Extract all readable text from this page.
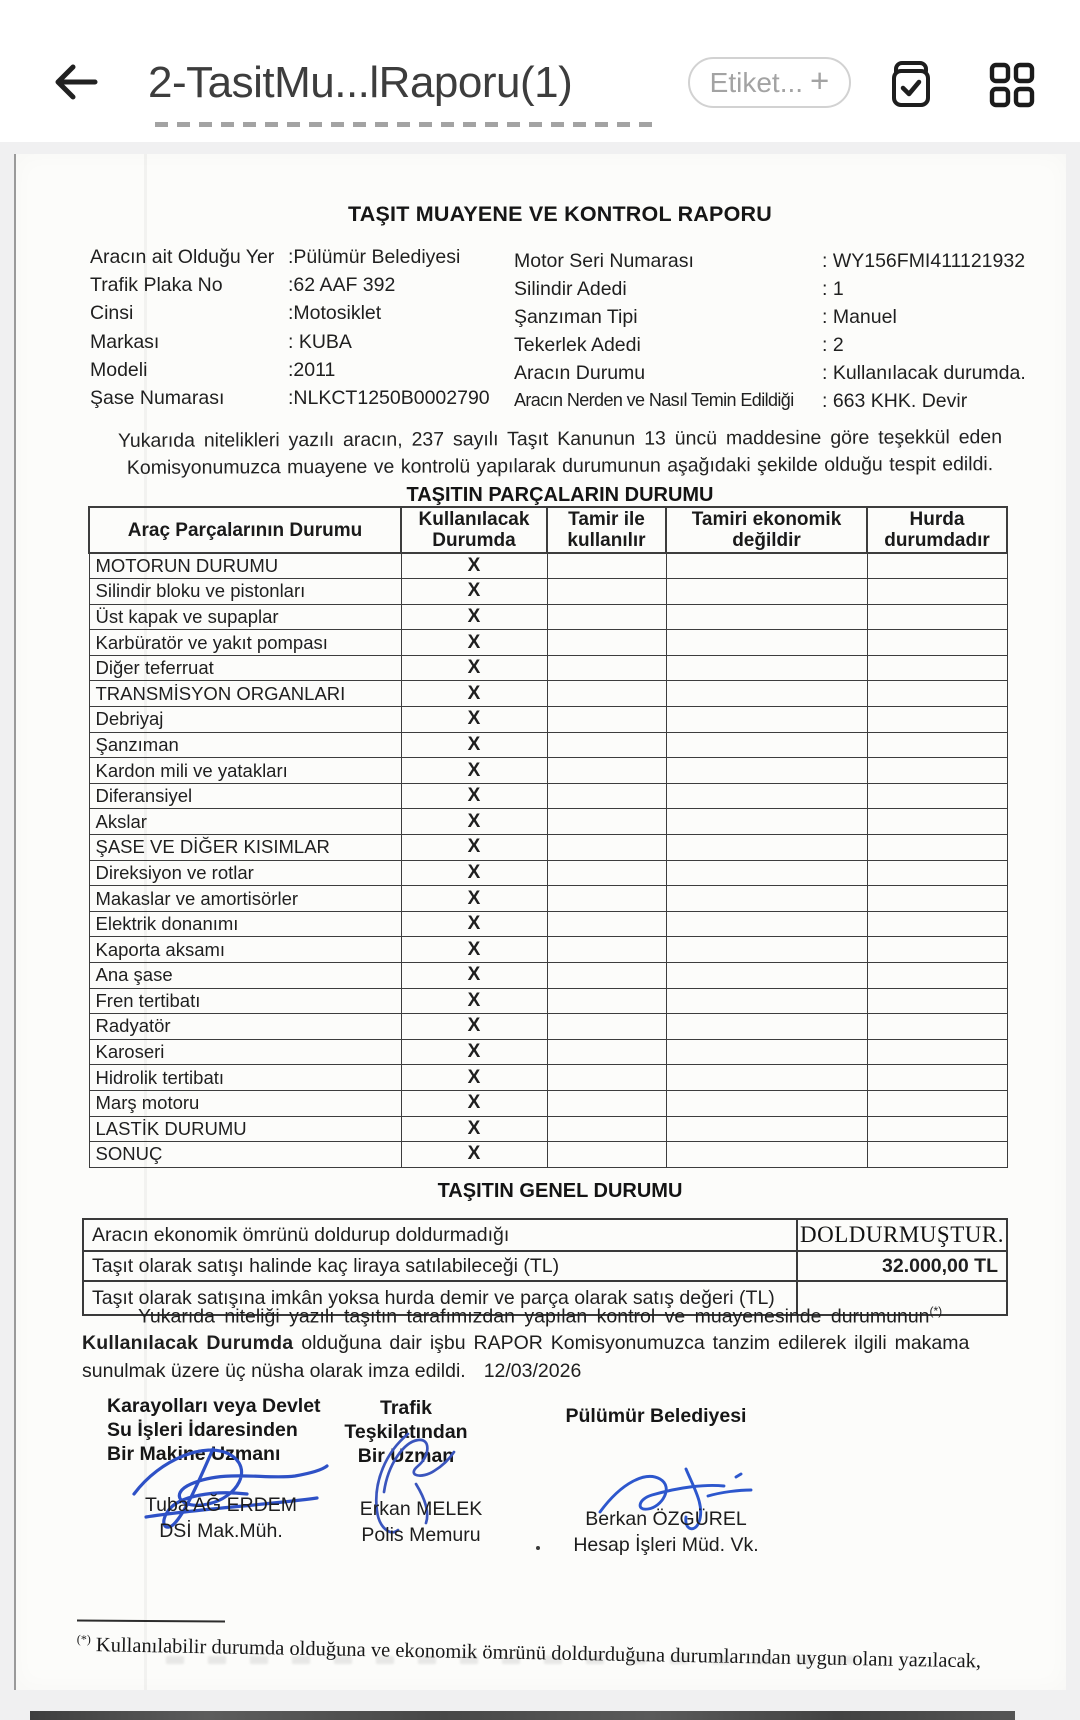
2-TasitMu...lRaporu(1)	Etiket... +
TAŞIT MUAYENE VE KONTROL RAPORU
Aracın ait Olduğu Yer :Pülümür Belediyesi
Trafik Plaka No	:62 AAF 392
Cinsi	:Motosiklet
Markası	: KUBA
Modeli	:2011
Şase Numarası	:NLKCT1250B0002790
Motor Seri Numarası	: WY156FMI411121932
Silindir Adedi	: 1
Şanzıman Tipi	: Manuel
Tekerlek Adedi	: 2
Aracın Durumu	: Kullanılacak durumda.
Aracın Nerden ve Nasıl Temin Edildiği : 663 KHK. Devir
Yukarıda nitelikleri yazılı aracın, 237 sayılı Taşıt Kanunun 13 üncü maddesine göre teşekkül eden
Komisyonumuzca muayene ve kontrolü yapılarak durumunun aşağıdaki şekilde olduğu tespit edildi.
TAŞITIN PARÇALARIN DURUMU
Araç Parçalarının Durumu	Kullanılacak Durumda	Tamir ile kullanılır	Tamiri ekonomik değildir	Hurda durumdadır
MOTORUN DURUMU	X			
Silindir bloku ve pistonları	X			
Üst kapak ve supaplar	X			
Karbüratör ve yakıt pompası	X			
Diğer teferruat	X			
TRANSMİSYON ORGANLARI	X			
Debriyaj	X			
Şanzıman	X			
Kardon mili ve yatakları	X			
Diferansiyel	X			
Akslar	X			
ŞASE VE DİĞER KISIMLAR	X			
Direksiyon ve rotlar	X			
Makaslar ve amortisörler	X			
Elektrik donanımı	X			
Kaporta aksamı	X			
Ana şase	X			
Fren tertibatı	X			
Radyatör	X			
Karoseri	X			
Hidrolik tertibatı	X			
Marş motoru	X			
LASTİK DURUMU	X			
SONUÇ	X			
TAŞITIN GENEL DURUMU
Aracın ekonomik ömrünü doldurup doldurmadığı	DOLDURMUŞTUR.
Taşıt olarak satışı halinde kaç liraya satılabileceği (TL)	32.000,00 TL
Taşıt olarak satışına imkân yoksa hurda demir ve parça olarak satış değeri (TL)	
Yukarıda niteliği yazılı taşıtın tarafımızdan yapılan kontrol ve muayenesinde durumunun(*)
Kullanılacak Durumda olduğuna dair işbu RAPOR Komisyonumuzca tanzim edilerek ilgili makama
sunulmak üzere üç nüsha olarak imza edildi. 12/03/2026
Karayolları veya Devlet
Su İşleri İdaresinden
Bir Makine Uzmanı
Tuba AĞ ERDEM
DSİ Mak.Müh.
Trafik Teşkilatından
Bir Uzman
Erkan MELEK
Polis Memuru
Pülümür Belediyesi
Berkan ÖZGÜREL
Hesap İşleri Müd. Vk.
(*) Kullanılabilir durumda olduğuna ve ekonomik ömrünü doldurduğuna durumlarından uygun olanı yazılacak,
